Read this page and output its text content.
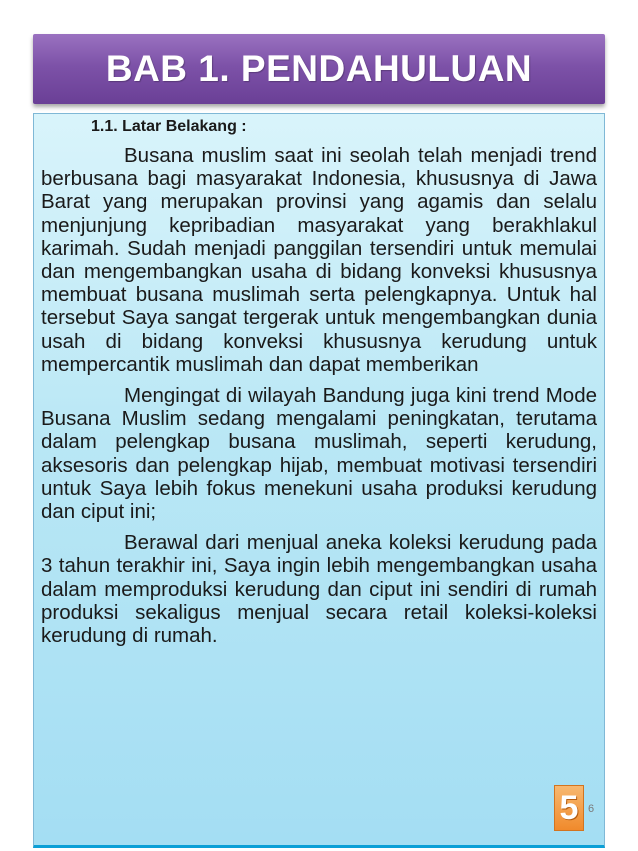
BAB 1. PENDAHULUAN
1.1. Latar Belakang :

Busana muslim saat ini seolah telah menjadi trend berbusana bagi masyarakat Indonesia, khususnya di Jawa Barat yang merupakan provinsi yang agamis dan selalu menjunjung kepribadian masyarakat yang berakhlakul karimah. Sudah menjadi panggilan tersendiri untuk memulai dan mengembangkan usaha di bidang konveksi khususnya membuat busana muslimah serta pelengkapnya. Untuk hal tersebut Saya sangat tergerak untuk mengembangkan dunia usah di bidang konveksi khususnya kerudung untuk mempercantik muslimah dan dapat memberikan

Mengingat di wilayah Bandung juga kini trend Mode Busana Muslim sedang mengalami peningkatan, terutama dalam pelengkap busana muslimah, seperti kerudung, aksesoris dan pelengkap hijab, membuat motivasi tersendiri untuk Saya lebih fokus menekuni usaha produksi kerudung dan ciput ini;

Berawal dari menjual aneka koleksi kerudung pada 3 tahun terakhir ini, Saya ingin lebih mengembangkan usaha dalam memproduksi kerudung dan ciput ini sendiri di rumah produksi sekaligus menjual secara retail koleksi-koleksi kerudung di rumah.

5 6
